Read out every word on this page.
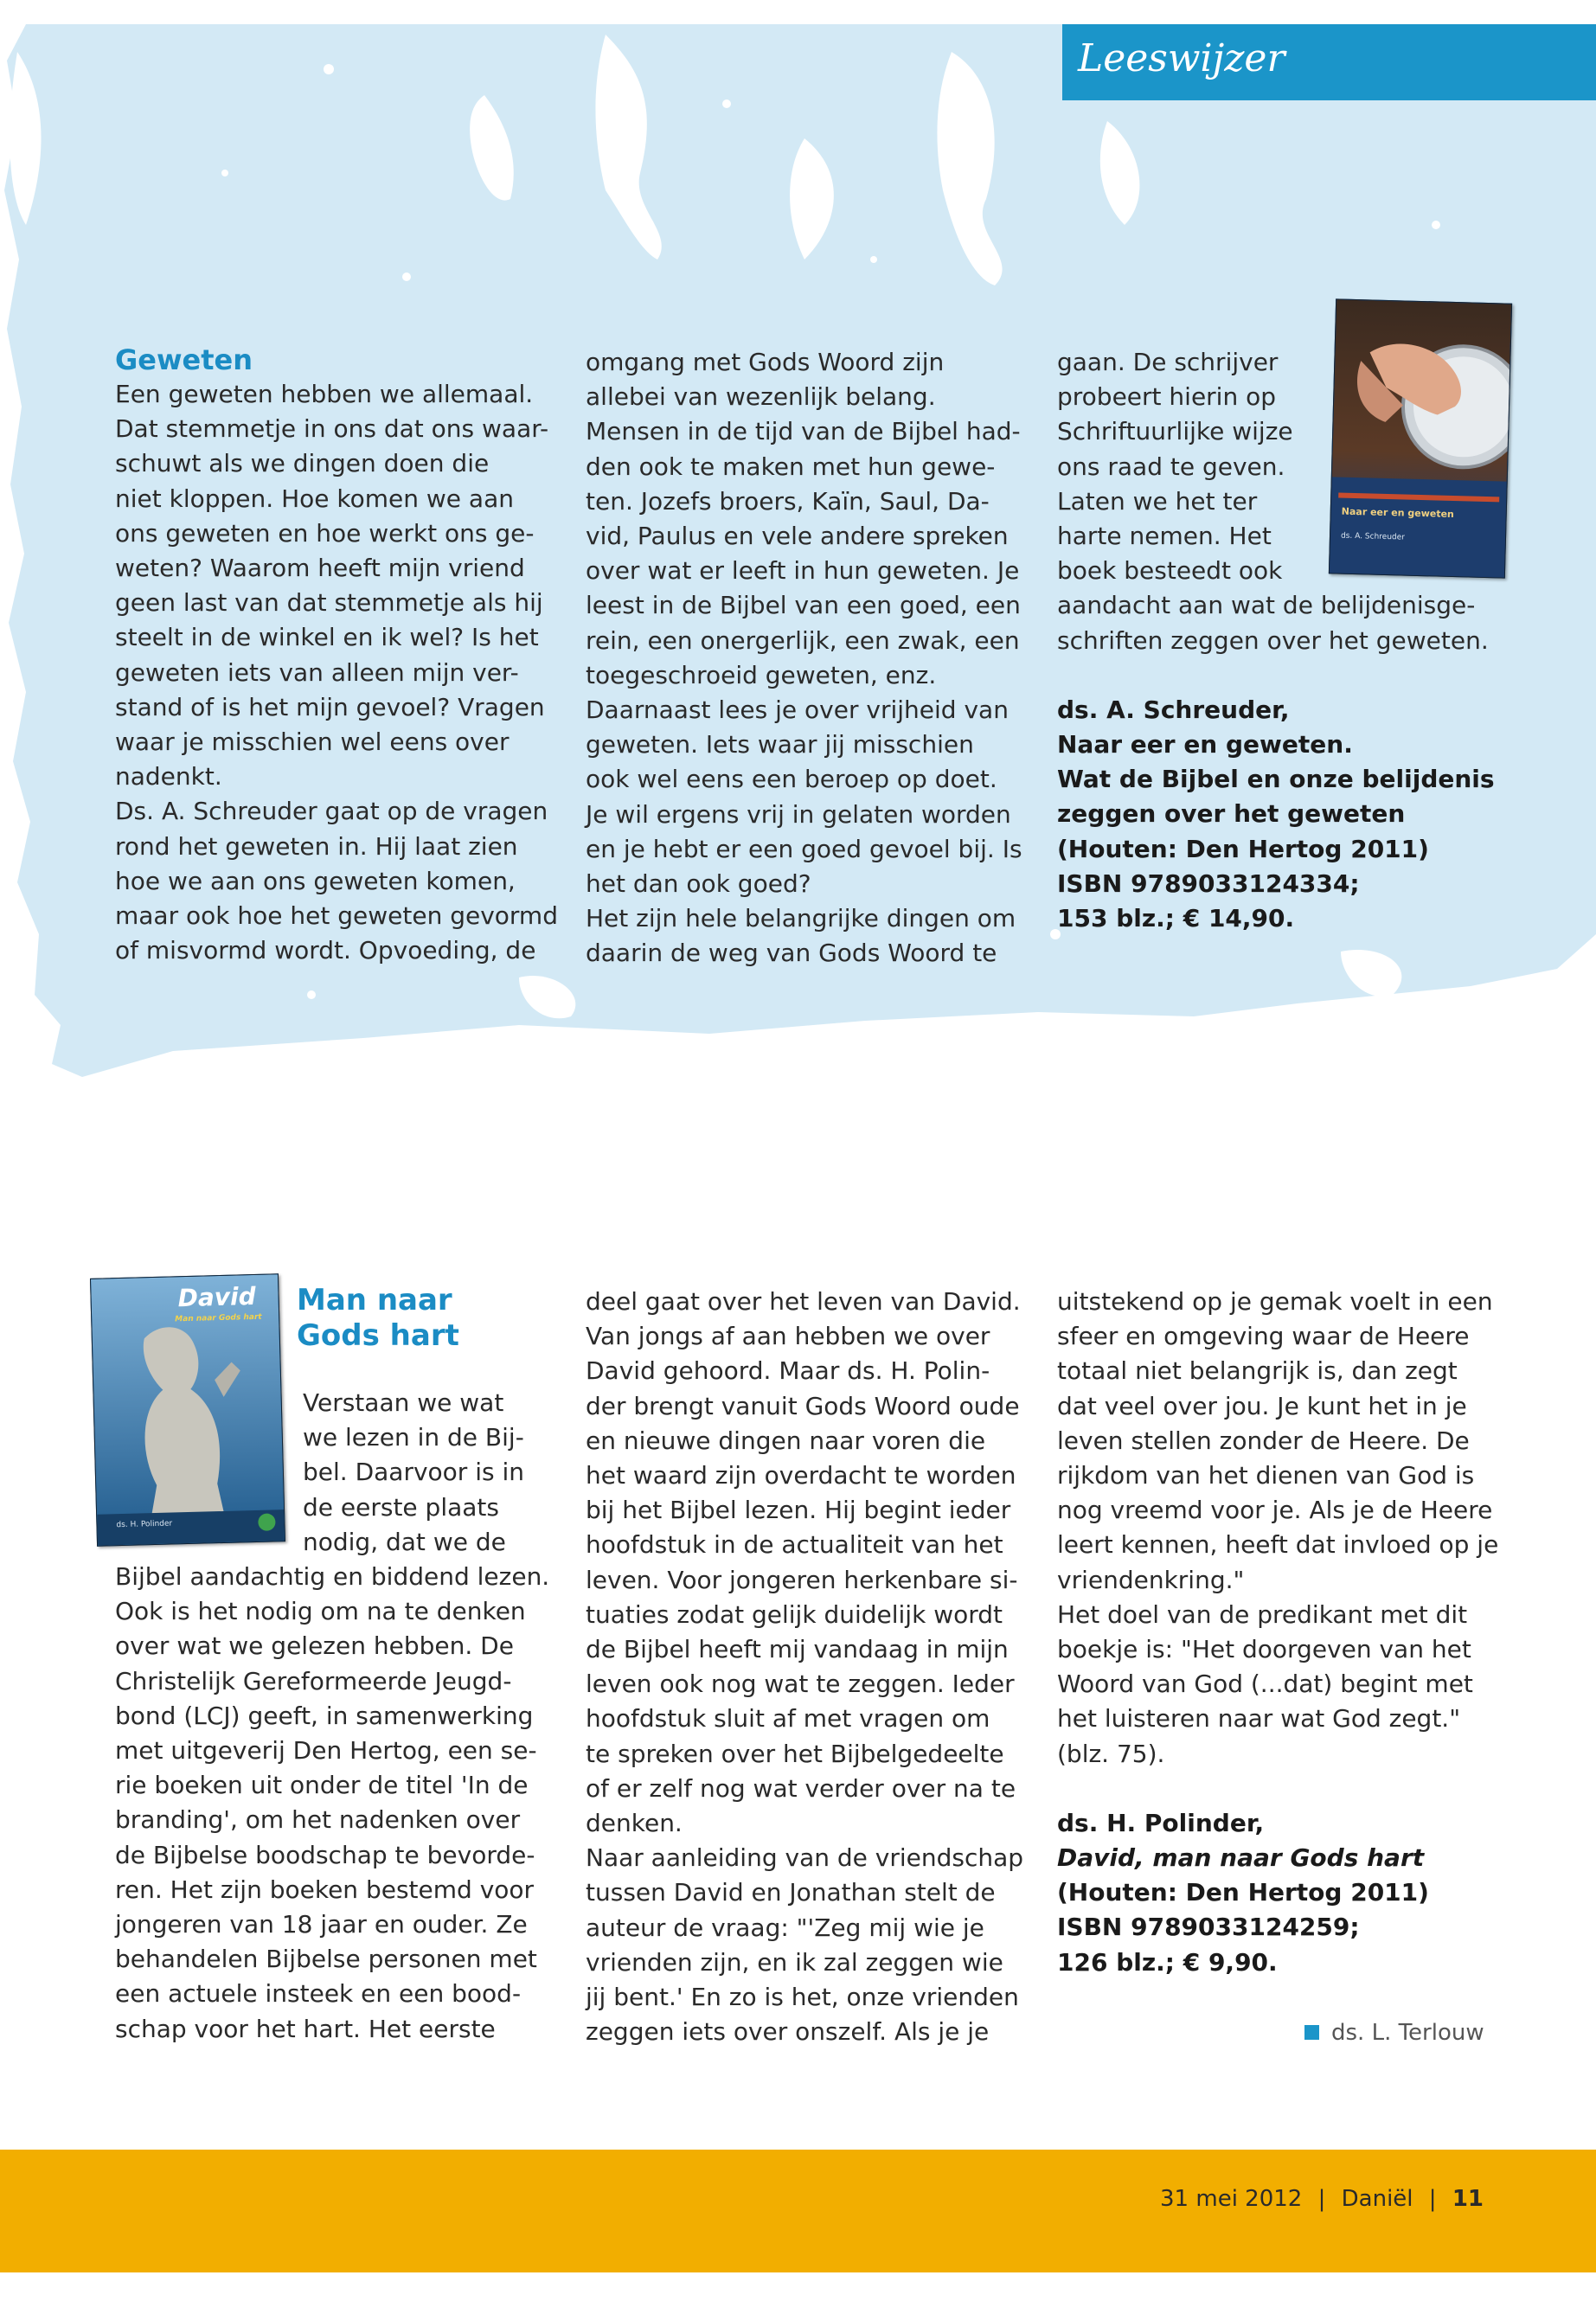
Leeswijzer

Geweten

Een geweten hebben we allemaal.

Dat stemmetje in ons dat ons waar-

schuwt als we dingen doen die

niet kloppen. Hoe komen we aan

ons geweten en hoe werkt ons ge-

weten? Waarom heeft mijn vriend

geen last van dat stemmetje als hij

steelt in de winkel en ik wel? Is het

geweten iets van alleen mijn ver-

stand of is het mijn gevoel? Vragen

waar je misschien wel eens over

nadenkt.

Ds. A. Schreuder gaat op de vragen

rond het geweten in. Hij laat zien

hoe we aan ons geweten komen,

maar ook hoe het geweten gevormd

of misvormd wordt. Opvoeding, de

omgang met Gods Woord zijn

allebei van wezenlijk belang.

Mensen in de tijd van de Bijbel had-

den ook te maken met hun gewe-

ten. Jozefs broers, Kaïn, Saul, Da-

vid, Paulus en vele andere spreken

over wat er leeft in hun geweten. Je

leest in de Bijbel van een goed, een

rein, een onergerlijk, een zwak, een

toegeschroeid geweten, enz.

Daarnaast lees je over vrijheid van

geweten. Iets waar jij misschien

ook wel eens een beroep op doet.

Je wil ergens vrij in gelaten worden

en je hebt er een goed gevoel bij. Is

het dan ook goed?

Het zijn hele belangrijke dingen om

daarin de weg van Gods Woord te

gaan. De schrijver

probeert hierin op

Schriftuurlijke wijze

ons raad te geven.

Laten we het ter

harte nemen. Het

boek besteedt ook

aandacht aan wat de belijdenisge-

schriften zeggen over het geweten.

ds. A. Schreuder,

Naar eer en geweten.

Wat de Bijbel en onze belijdenis

zeggen over het geweten

(Houten: Den Hertog 2011)

ISBN 9789033124334;

153 blz.; € 14,90.

Naar eer en geweten
ds. A. Schreuder

Man naar

Gods hart

Verstaan we wat

we lezen in de Bij-

bel. Daarvoor is in

de eerste plaats

nodig, dat we de

Bijbel aandachtig en biddend lezen.

Ook is het nodig om na te denken

over wat we gelezen hebben. De

Christelijk Gereformeerde Jeugd-

bond (LCJ) geeft, in samenwerking

met uitgeverij Den Hertog, een se-

rie boeken uit onder de titel 'In de

branding', om het nadenken over

de Bijbelse boodschap te bevorde-

ren. Het zijn boeken bestemd voor

jongeren van 18 jaar en ouder. Ze

behandelen Bijbelse personen met

een actuele insteek en een bood-

schap voor het hart. Het eerste

deel gaat over het leven van David.

Van jongs af aan hebben we over

David gehoord. Maar ds. H. Polin-

der brengt vanuit Gods Woord oude

en nieuwe dingen naar voren die

het waard zijn overdacht te worden

bij het Bijbel lezen. Hij begint ieder

hoofdstuk in de actualiteit van het

leven. Voor jongeren herkenbare si-

tuaties zodat gelijk duidelijk wordt

de Bijbel heeft mij vandaag in mijn

leven ook nog wat te zeggen. Ieder

hoofdstuk sluit af met vragen om

te spreken over het Bijbelgedeelte

of er zelf nog wat verder over na te

denken.

Naar aanleiding van de vriendschap

tussen David en Jonathan stelt de

auteur de vraag: "'Zeg mij wie je

vrienden zijn, en ik zal zeggen wie

jij bent.' En zo is het, onze vrienden

zeggen iets over onszelf. Als je je

uitstekend op je gemak voelt in een

sfeer en omgeving waar de Heere

totaal niet belangrijk is, dan zegt

dat veel over jou. Je kunt het in je

leven stellen zonder de Heere. De

rijkdom van het dienen van God is

nog vreemd voor je. Als je de Heere

leert kennen, heeft dat invloed op je

vriendenkring."

Het doel van de predikant met dit

boekje is: "Het doorgeven van het

Woord van God (...dat) begint met

het luisteren naar wat God zegt."

(blz. 75).

ds. H. Polinder,

David, man naar Gods hart

(Houten: Den Hertog 2011)

ISBN 9789033124259;

126 blz.; € 9,90.

David
Man naar Gods hart
ds. H. Polinder
ds. L. Terlouw
31 mei 2012 | Daniël | 11
